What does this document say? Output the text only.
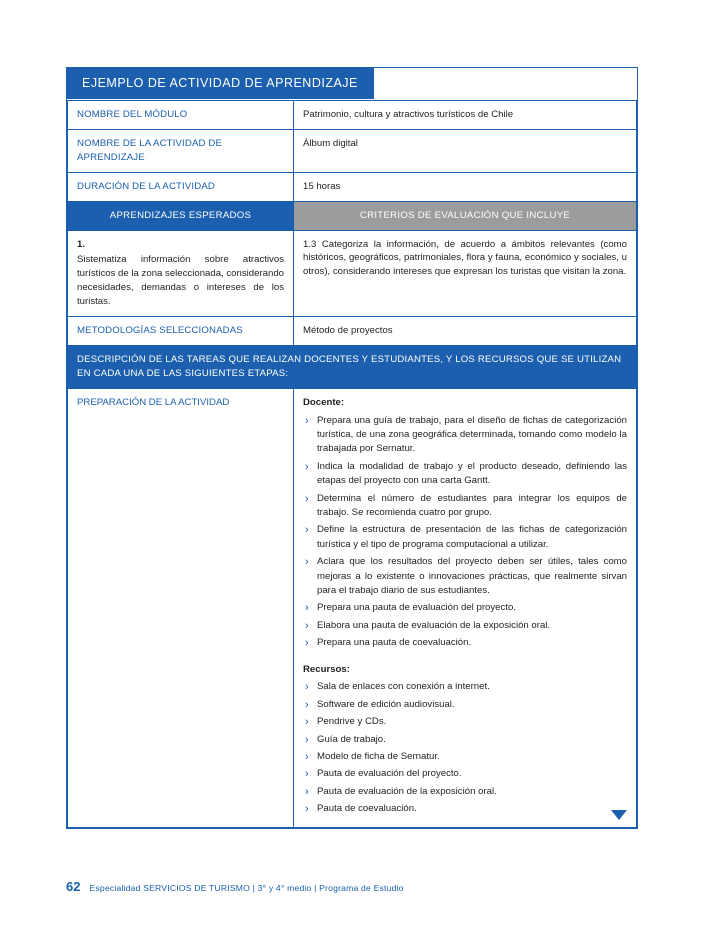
NOMBRE DEL MÓDULO	Patrimonio, cultura y atractivos turísticos de Chile
NOMBRE DE LA ACTIVIDAD DE APRENDIZAJE	Álbum digital
DURACIÓN DE LA ACTIVIDAD	15 horas
APRENDIZAJES ESPERADOS	CRITERIOS DE EVALUACIÓN QUE INCLUYE

1.
Sistematiza información sobre atractivos turísticos de la zona seleccionada, considerando necesidades, demandas o intereses de los turistas.	1.3 Categoriza la información, de acuerdo a ámbitos relevantes (como históricos, geográficos, patrimoniales, flora y fauna, económico y sociales, u otros), considerando intereses que expresan los turistas que visitan la zona.
METODOLOGÍAS SELECCIONADAS	Método de proyectos
DESCRIPCIÓN DE LAS TAREAS QUE REALIZAN DOCENTES Y ESTUDIANTES, Y LOS RECURSOS QUE SE UTILIZAN EN CADA UNA DE LAS SIGUIENTES ETAPAS:	
PREPARACIÓN DE LA ACTIVIDAD	Docente:

› Prepara una guía de trabajo, para el diseño de fichas de categorización turística, de una zona geográfica determinada, tomando como modelo la trabajada por Sernatur.
› Indica la modalidad de trabajo y el producto deseado, definiendo las etapas del proyecto con una carta Gantt.
› Determina el número de estudiantes para integrar los equipos de trabajo. Se recomienda cuatro por grupo.
› Define la estructura de presentación de las fichas de categorización turística y el tipo de programa computacional a utilizar.
› Aclara que los resultados del proyecto deben ser útiles, tales como mejoras a lo existente o innovaciones prácticas, que realmente sirvan para el trabajo diario de sus estudiantes.
› Prepara una pauta de evaluación del proyecto.
› Elabora una pauta de evaluación de la exposición oral.
› Prepara una pauta de coevaluación.

Recursos:

› Sala de enlaces con conexión a internet.
› Software de edición audiovisual.
› Pendrive y CDs.
› Guía de trabajo.
› Modelo de ficha de Sernatur.
› Pauta de evaluación del proyecto.
› Pauta de evaluación de la exposición oral.
› Pauta de coevaluación.
EJEMPLO DE ACTIVIDAD DE APRENDIZAJE
62 Especialidad SERVICIOS DE TURISMO | 3° y 4° medio | Programa de Estudio
